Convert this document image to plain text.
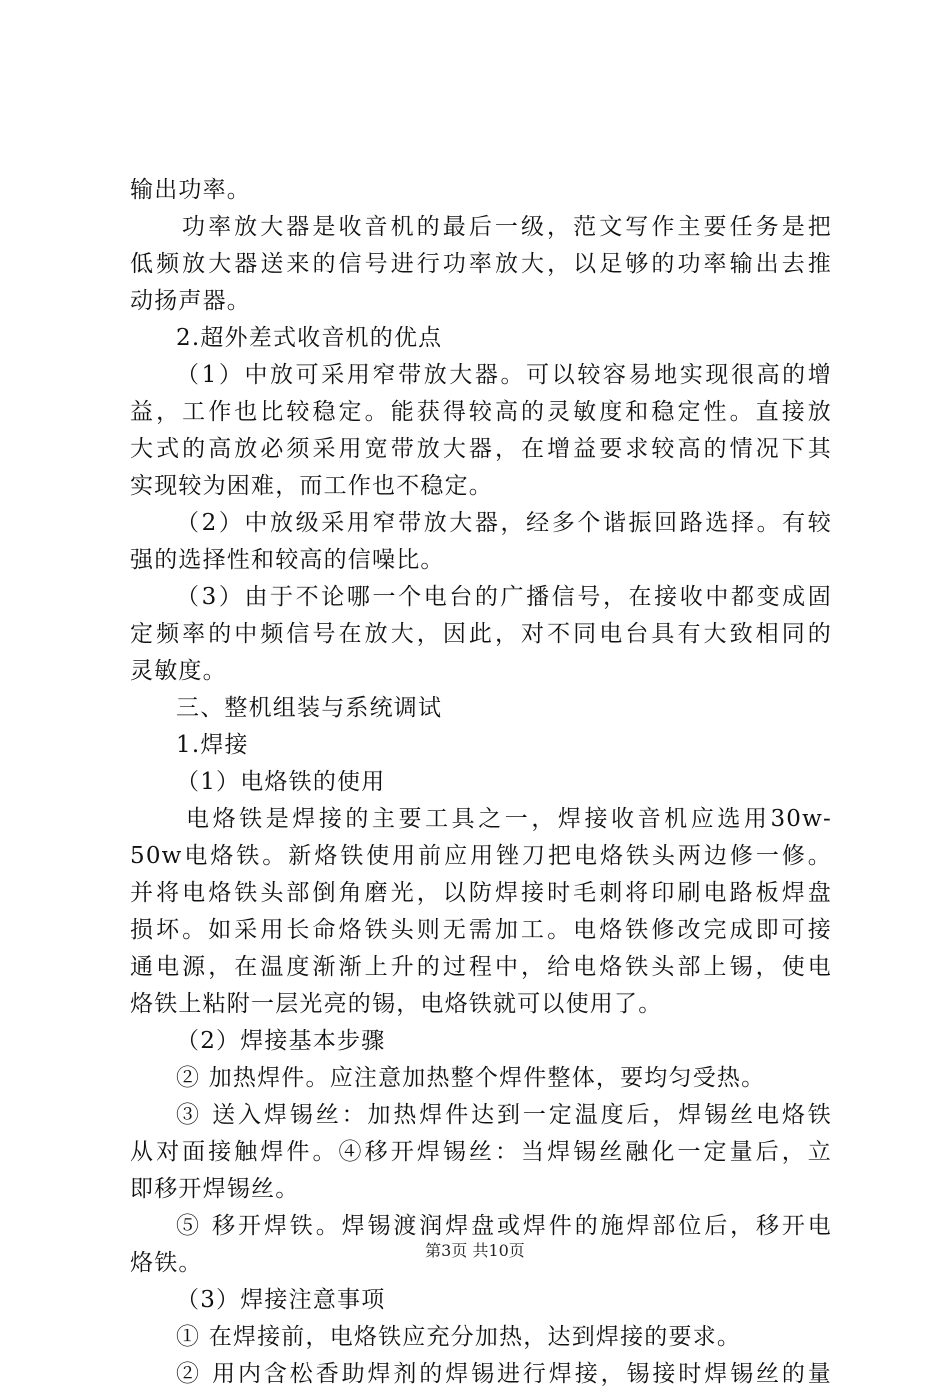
输出功率。
功率放大器是收音机的最后一级，范文写作主要任务是把
低频放大器送来的信号进行功率放大，以足够的功率输出去推
动扬声器。
2.超外差式收音机的优点
（1）中放可采用窄带放大器。可以较容易地实现很高的增
益，工作也比较稳定。能获得较高的灵敏度和稳定性。直接放
大式的高放必须采用宽带放大器，在增益要求较高的情况下其
实现较为困难，而工作也不稳定。
（2）中放级采用窄带放大器，经多个谐振回路选择。有较
强的选择性和较高的信噪比。
（3）由于不论哪一个电台的广播信号，在接收中都变成固
定频率的中频信号在放大，因此，对不同电台具有大致相同的
灵敏度。
三、整机组装与系统调试
1.焊接
（1）电烙铁的使用
电烙铁是焊接的主要工具之一，焊接收音机应选用30w-
50w电烙铁。新烙铁使用前应用锉刀把电烙铁头两边修一修。
并将电烙铁头部倒角磨光，以防焊接时毛刺将印刷电路板焊盘
损坏。如采用长命烙铁头则无需加工。电烙铁修改完成即可接
通电源，在温度渐渐上升的过程中，给电烙铁头部上锡，使电
烙铁上粘附一层光亮的锡，电烙铁就可以使用了。
（2）焊接基本步骤
② 加热焊件。应注意加热整个焊件整体，要均匀受热。
③ 送入焊锡丝：加热焊件达到一定温度后，焊锡丝电烙铁
从对面接触焊件。④移开焊锡丝：当焊锡丝融化一定量后，立
即移开焊锡丝。
⑤ 移开焊铁。焊锡渡润焊盘或焊件的施焊部位后，移开电
烙铁。
（3）焊接注意事项
① 在焊接前，电烙铁应充分加热，达到焊接的要求。
② 用内含松香助焊剂的焊锡进行焊接，锡接时焊锡丝的量
第3页 共10页
